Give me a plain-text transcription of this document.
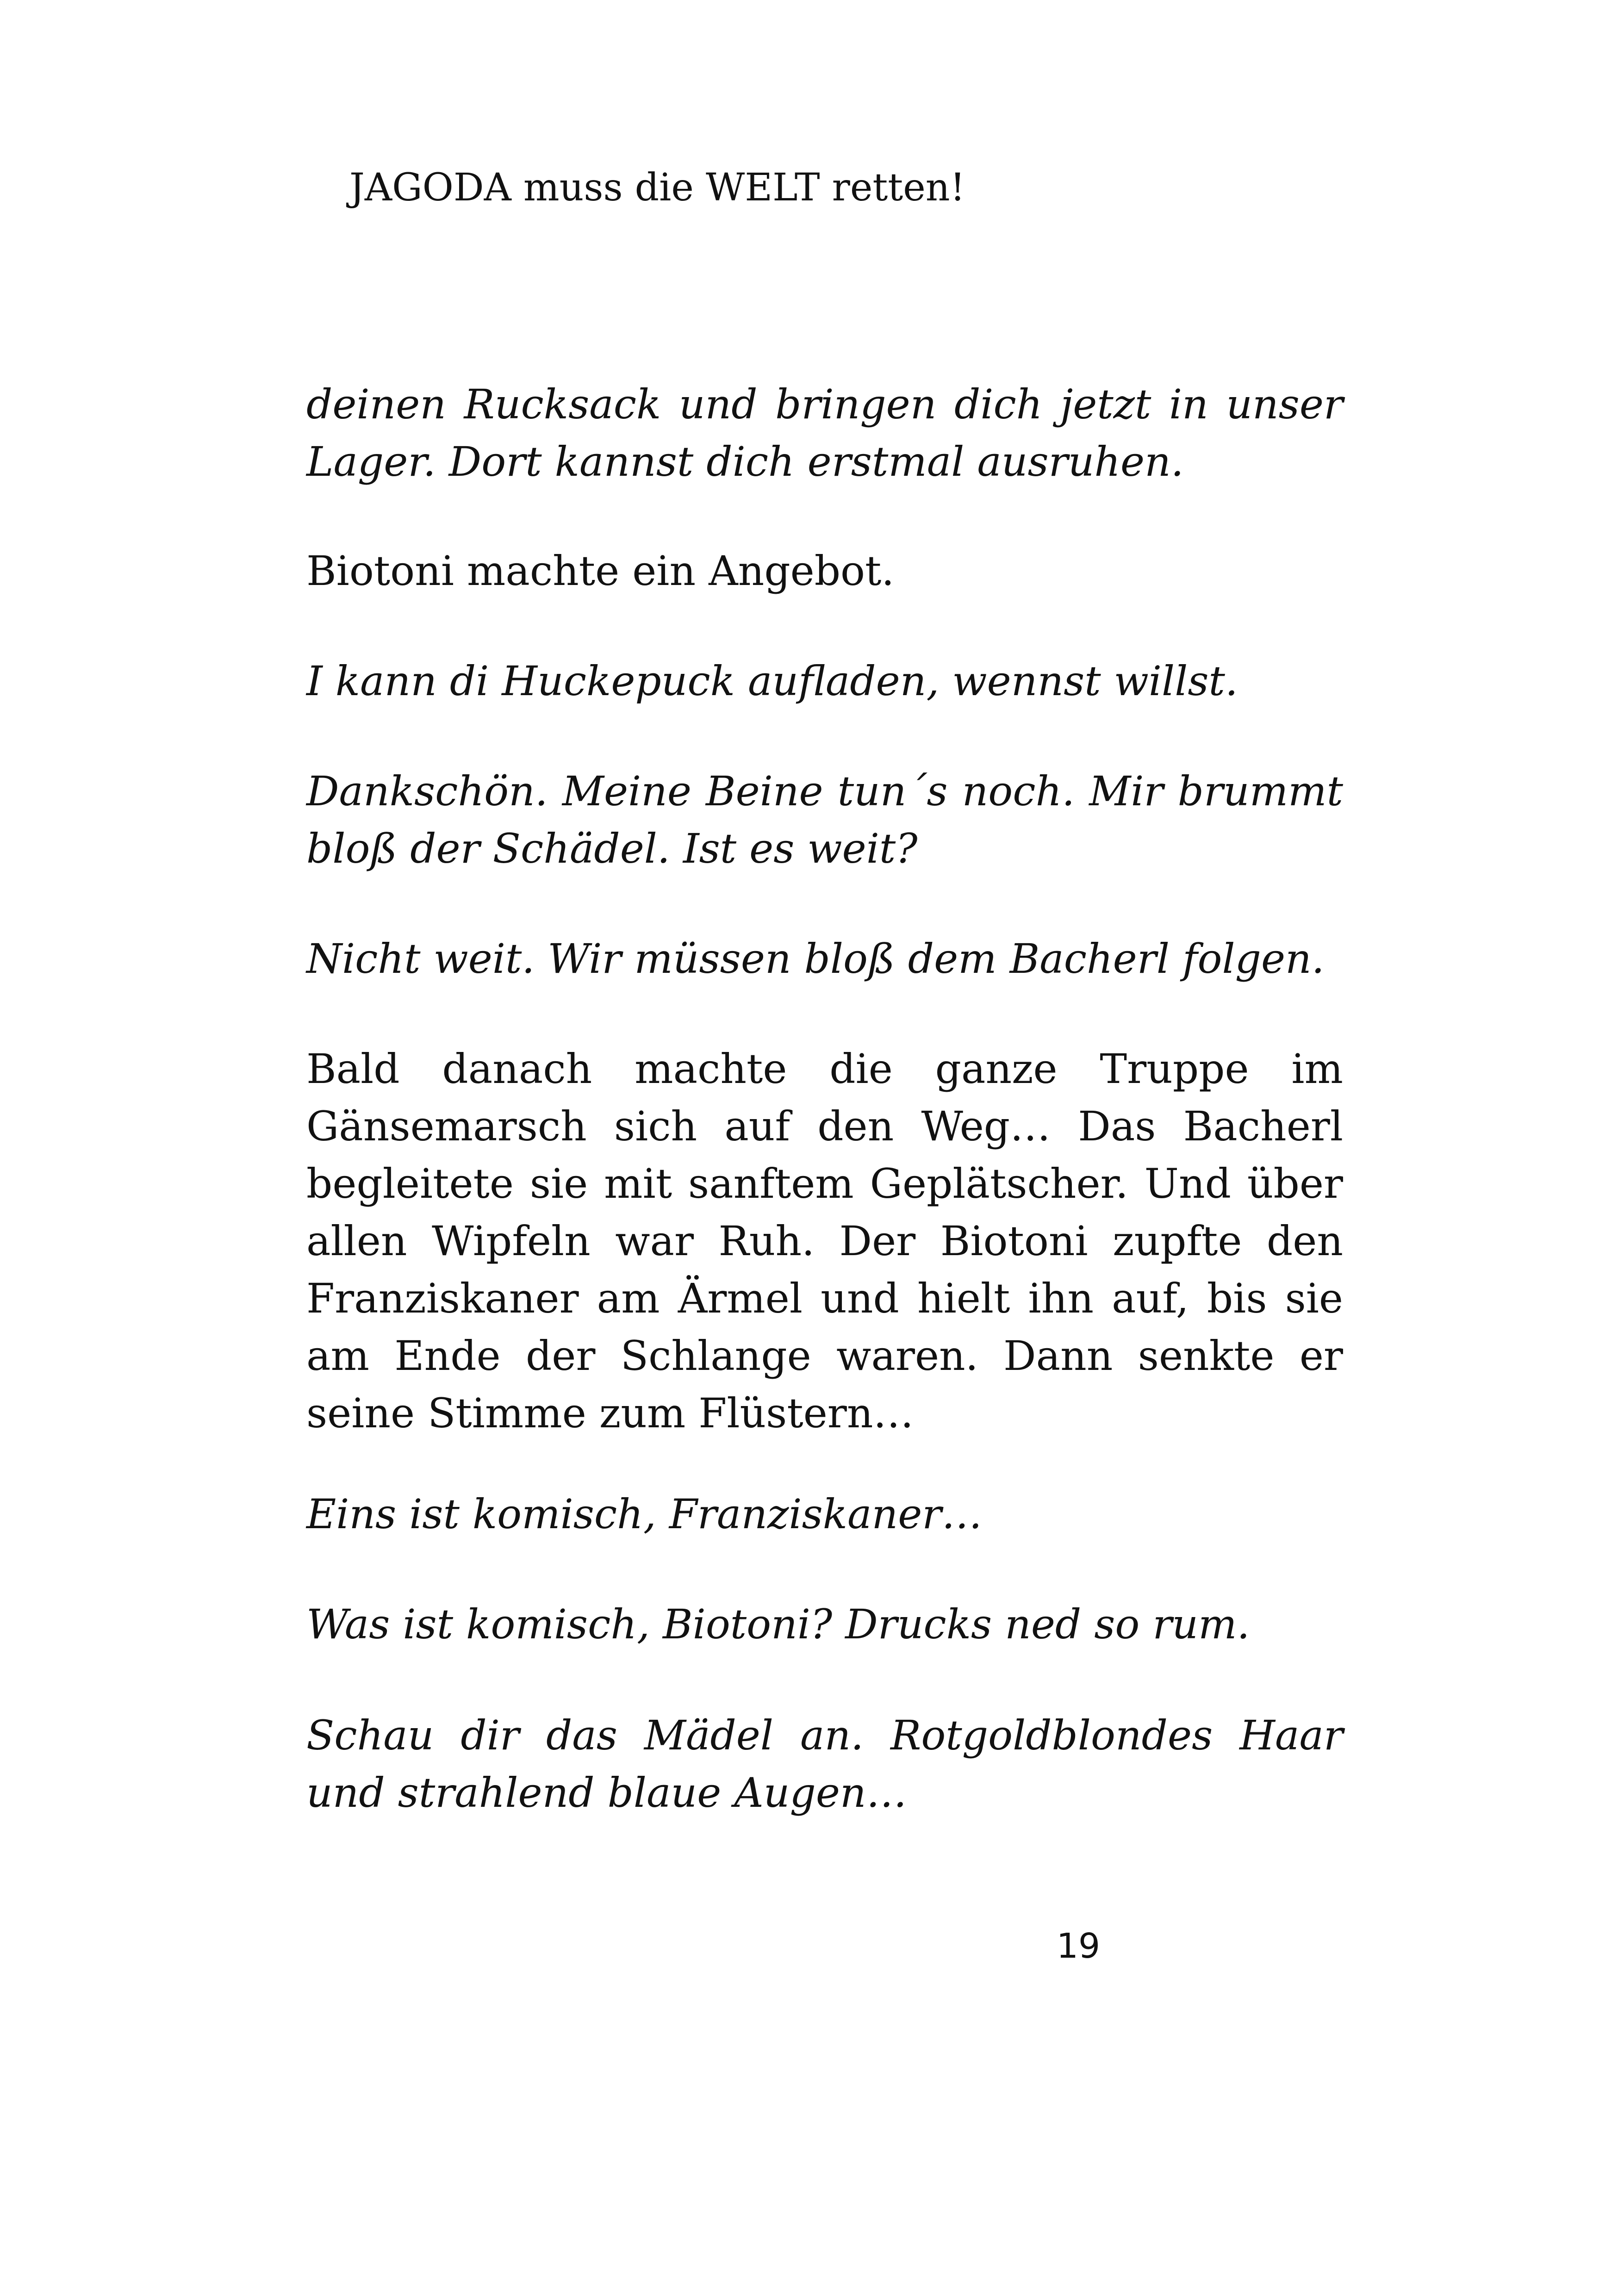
JAGODA muss die WELT retten!

deinen Rucksack und bringen dich jetzt in unser Lager. Dort kannst dich erstmal ausruhen.

Biotoni machte ein Angebot.

I kann di Huckepuck aufladen, wennst willst.

Dankschön. Meine Beine tun´s noch. Mir brummt bloß der Schädel. Ist es weit?

Nicht weit. Wir müssen bloß dem Bacherl folgen.

Bald danach machte die ganze Truppe im Gänsemarsch sich auf den Weg… Das Bacherl begleitete sie mit sanftem Geplätscher. Und über allen Wipfeln war Ruh. Der Biotoni zupfte den Franziskaner am Ärmel und hielt ihn auf, bis sie am Ende der Schlange waren. Dann senkte er seine Stimme zum Flüstern…

Eins ist komisch, Franziskaner…

Was ist komisch, Biotoni? Drucks ned so rum.

Schau dir das Mädel an. Rotgoldblondes Haar und strahlend blaue Augen…

19
